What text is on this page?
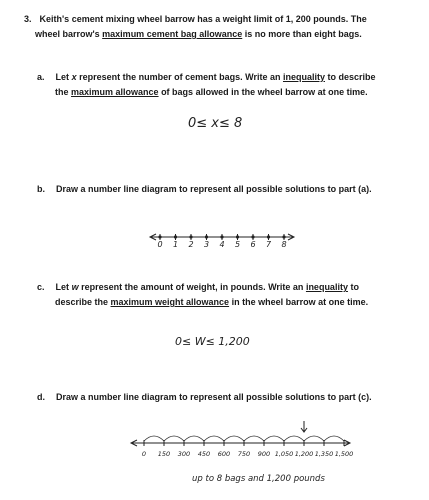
3. Keith's cement mixing wheel barrow has a weight limit of 1, 200 pounds. The
wheel barrow's maximum cement bag allowance is no more than eight bags.
a. Let x represent the number of cement bags. Write an inequality to describe
the maximum allowance of bags allowed in the wheel barrow at one time.
0≤ x≤ 8
b. Draw a number line diagram to represent all possible solutions to part (a).
0 1 2 3 4 5 6 7 8
0 150 300 450 600 750 900 1,050 1,200 1,350 1,500
c. Let w represent the amount of weight, in pounds. Write an inequality to
describe the maximum weight allowance in the wheel barrow at one time.
0≤ W≤ 1,200
d. Draw a number line diagram to represent all possible solutions to part (c).
up to 8 bags and 1,200 pounds
